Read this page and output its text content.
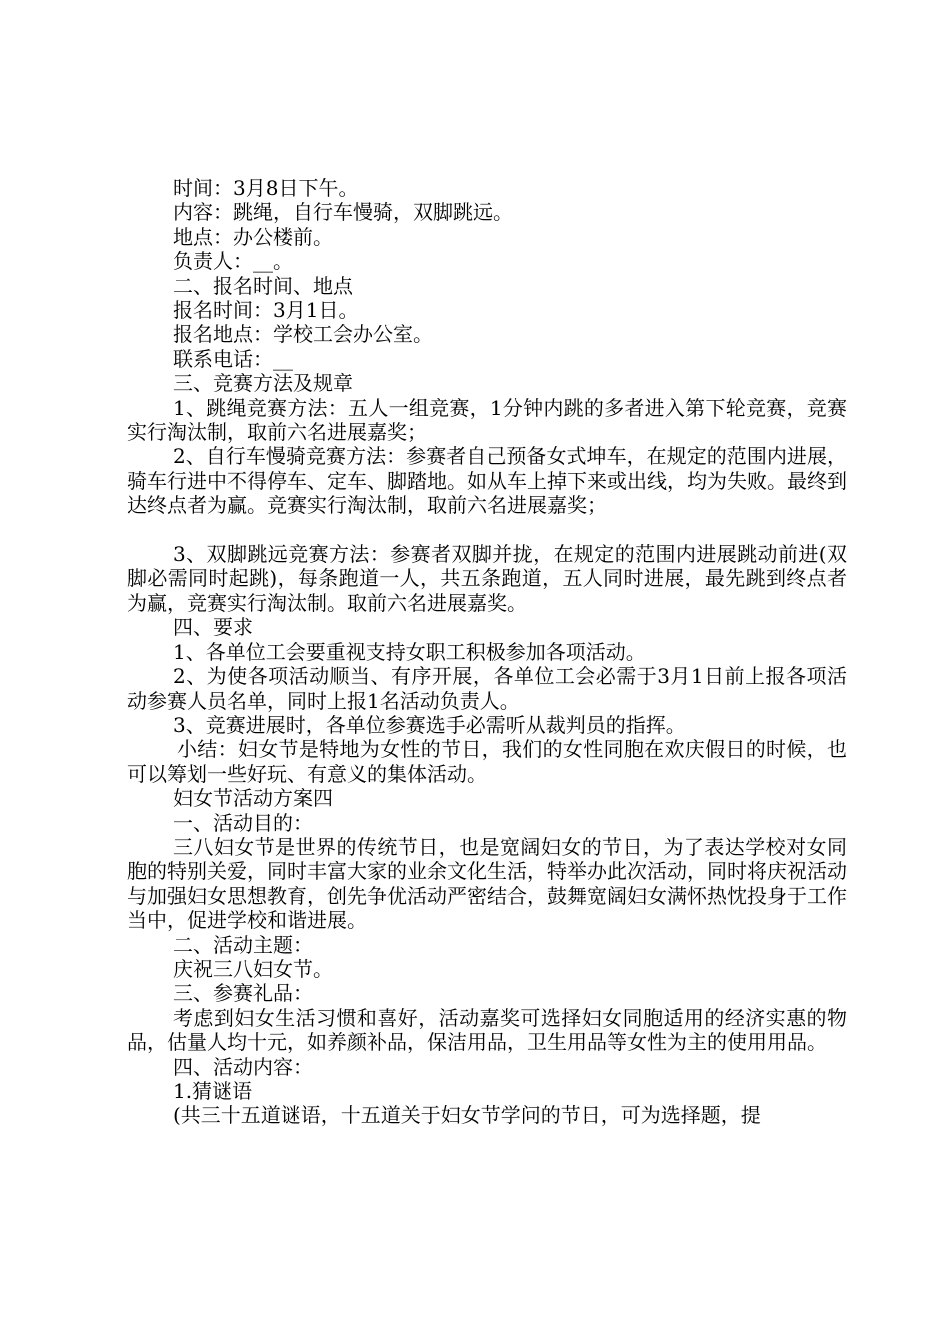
时间：3月8日下午。

内容：跳绳，自行车慢骑，双脚跳远。

地点：办公楼前。

负责人：__。

二、报名时间、地点

报名时间：3月1日。

报名地点：学校工会办公室。

联系电话：__

三、竞赛方法及规章

1、跳绳竞赛方法：五人一组竞赛，1分钟内跳的多者进入第下轮竞赛，竞赛实行淘汰制，取前六名进展嘉奖；

2、自行车慢骑竞赛方法：参赛者自己预备女式坤车，在规定的范围内进展，骑车行进中不得停车、定车、脚踏地。如从车上掉下来或出线，均为失败。最终到达终点者为赢。竞赛实行淘汰制，取前六名进展嘉奖；

3、双脚跳远竞赛方法：参赛者双脚并拢，在规定的范围内进展跳动前进(双脚必需同时起跳)，每条跑道一人，共五条跑道，五人同时进展，最先跳到终点者为赢，竞赛实行淘汰制。取前六名进展嘉奖。

四、要求

1、各单位工会要重视支持女职工积极参加各项活动。

2、为使各项活动顺当、有序开展，各单位工会必需于3月1日前上报各项活动参赛人员名单，同时上报1名活动负责人。

3、竞赛进展时，各单位参赛选手必需听从裁判员的指挥。

小结：妇女节是特地为女性的节日，我们的女性同胞在欢庆假日的时候，也可以筹划一些好玩、有意义的集体活动。

妇女节活动方案四

一、活动目的：

三八妇女节是世界的传统节日，也是宽阔妇女的节日，为了表达学校对女同胞的特别关爱，同时丰富大家的业余文化生活，特举办此次活动，同时将庆祝活动与加强妇女思想教育，创先争优活动严密结合，鼓舞宽阔妇女满怀热忱投身于工作当中，促进学校和谐进展。

二、活动主题：

庆祝三八妇女节。

三、参赛礼品：

考虑到妇女生活习惯和喜好，活动嘉奖可选择妇女同胞适用的经济实惠的物品，估量人均十元，如养颜补品，保洁用品，卫生用品等女性为主的使用用品。

四、活动内容：

1.猜谜语

(共三十五道谜语，十五道关于妇女节学问的节日，可为选择题，提
